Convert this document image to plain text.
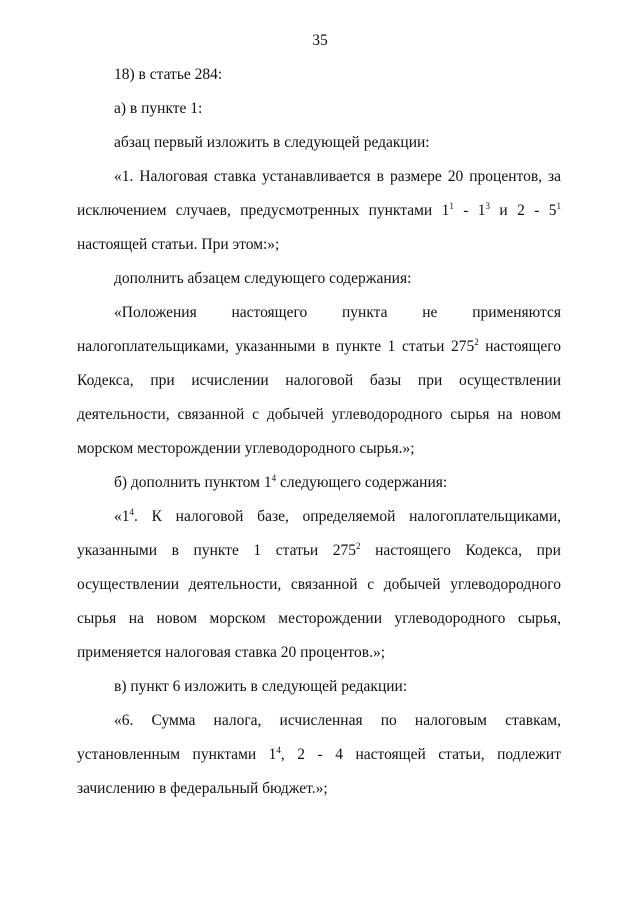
35

18) в статье 284:

а) в пункте 1:

абзац первый изложить в следующей редакции:

«1. Налоговая ставка устанавливается в размере 20 процентов, за исключением случаев, предусмотренных пунктами $1^1 - 1^3$ и $2 - 5^1$ настоящей статьи. При этом:»;

дополнить абзацем следующего содержания:

«Положения настоящего пункта не применяются налогоплательщиками, указанными в пункте 1 статьи $275^2$ настоящего Кодекса, при исчислении налоговой базы при осуществлении деятельности, связанной с добычей углеводородного сырья на новом морском месторождении углеводородного сырья.»;

б) дополнить пунктом $1^4$ следующего содержания:

«$1^4$. К налоговой базе, определяемой налогоплательщиками, указанными в пункте 1 статьи $275^2$ настоящего Кодекса, при осуществлении деятельности, связанной с добычей углеводородного сырья на новом морском месторождении углеводородного сырья, применяется налоговая ставка 20 процентов.»;

в) пункт 6 изложить в следующей редакции:

«6. Сумма налога, исчисленная по налоговым ставкам, установленным пунктами $1^4$, 2 - 4 настоящей статьи, подлежит зачислению в федеральный бюджет.»;
